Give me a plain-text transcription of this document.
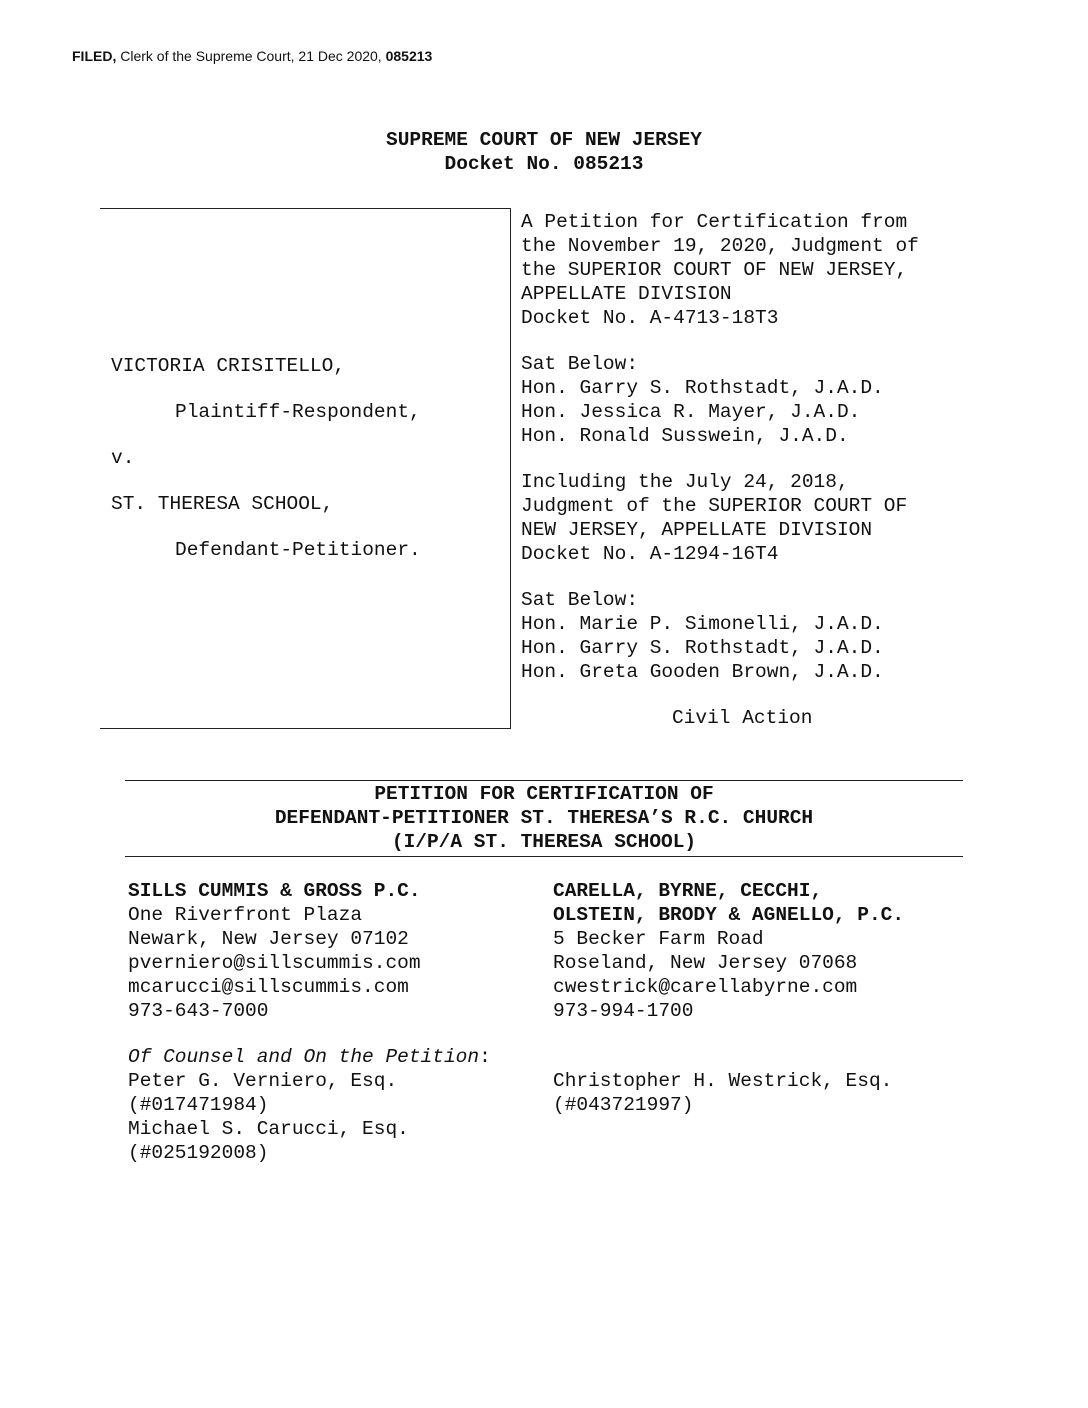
FILED, Clerk of the Supreme Court, 21 Dec 2020, 085213
SUPREME COURT OF NEW JERSEY
Docket No. 085213
VICTORIA CRISITELLO,
Plaintiff-Respondent,
v.
ST. THERESA SCHOOL,
Defendant-Petitioner.
A Petition for Certification from
the November 19, 2020, Judgment of
the SUPERIOR COURT OF NEW JERSEY,
APPELLATE DIVISION
Docket No. A-4713-18T3
Sat Below:
Hon. Garry S. Rothstadt, J.A.D.
Hon. Jessica R. Mayer, J.A.D.
Hon. Ronald Susswein, J.A.D.
Including the July 24, 2018,
Judgment of the SUPERIOR COURT OF
NEW JERSEY, APPELLATE DIVISION
Docket No. A-1294-16T4
Sat Below:
Hon. Marie P. Simonelli, J.A.D.
Hon. Garry S. Rothstadt, J.A.D.
Hon. Greta Gooden Brown, J.A.D.
Civil Action
PETITION FOR CERTIFICATION OF
DEFENDANT-PETITIONER ST. THERESA’S R.C. CHURCH
(I/P/A ST. THERESA SCHOOL)
SILLS CUMMIS & GROSS P.C.
One Riverfront Plaza
Newark, New Jersey 07102
pverniero@sillscummis.com
mcarucci@sillscummis.com
973-643-7000
Of Counsel and On the Petition:
Peter G. Verniero, Esq.
(#017471984)
Michael S. Carucci, Esq.
(#025192008)
CARELLA, BYRNE, CECCHI,
OLSTEIN, BRODY & AGNELLO, P.C.
5 Becker Farm Road
Roseland, New Jersey 07068
cwestrick@carellabyrne.com
973-994-1700

Christopher H. Westrick, Esq.
(#043721997)
